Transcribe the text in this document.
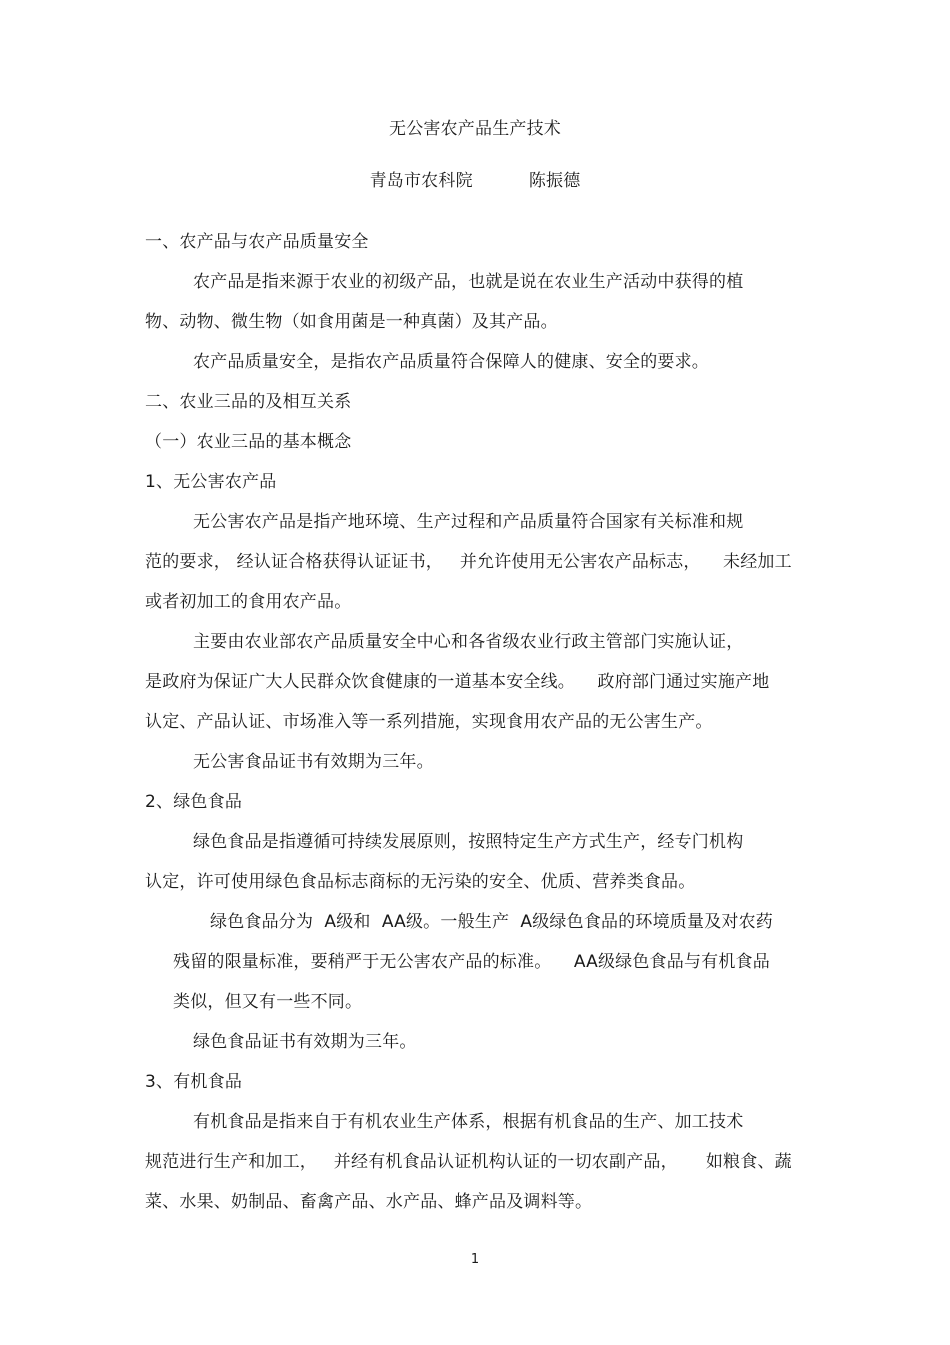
无公害农产品生产技术
青岛市农科院          陈振德
一、农产品与农产品质量安全
农产品是指来源于农业的初级产品，也就是说在农业生产活动中获得的植
物、动物、微生物（如食用菌是一种真菌）及其产品。
农产品质量安全，是指农产品质量符合保障人的健康、安全的要求。
二、农业三品的及相互关系
（一）农业三品的基本概念
1、无公害农产品
无公害农产品是指产地环境、生产过程和产品质量符合国家有关标准和规
范的要求， 经认证合格获得认证证书，   并允许使用无公害农产品标志，    未经加工
或者初加工的食用农产品。
主要由农业部农产品质量安全中心和各省级农业行政主管部门实施认证，
是政府为保证广大人民群众饮食健康的一道基本安全线。    政府部门通过实施产地
认定、产品认证、市场准入等一系列措施，实现食用农产品的无公害生产。
无公害食品证书有效期为三年。
2、绿色食品
绿色食品是指遵循可持续发展原则，按照特定生产方式生产，经专门机构
认定，许可使用绿色食品标志商标的无污染的安全、优质、营养类食品。
绿色食品分为  A级和  AA级。一般生产  A级绿色食品的环境质量及对农药
残留的限量标准，要稍严于无公害农产品的标准。    AA级绿色食品与有机食品
类似，但又有一些不同。
绿色食品证书有效期为三年。
3、有机食品
有机食品是指来自于有机农业生产体系，根据有机食品的生产、加工技术
规范进行生产和加工，   并经有机食品认证机构认证的一切农副产品，     如粮食、蔬
菜、水果、奶制品、畜禽产品、水产品、蜂产品及调料等。
1
